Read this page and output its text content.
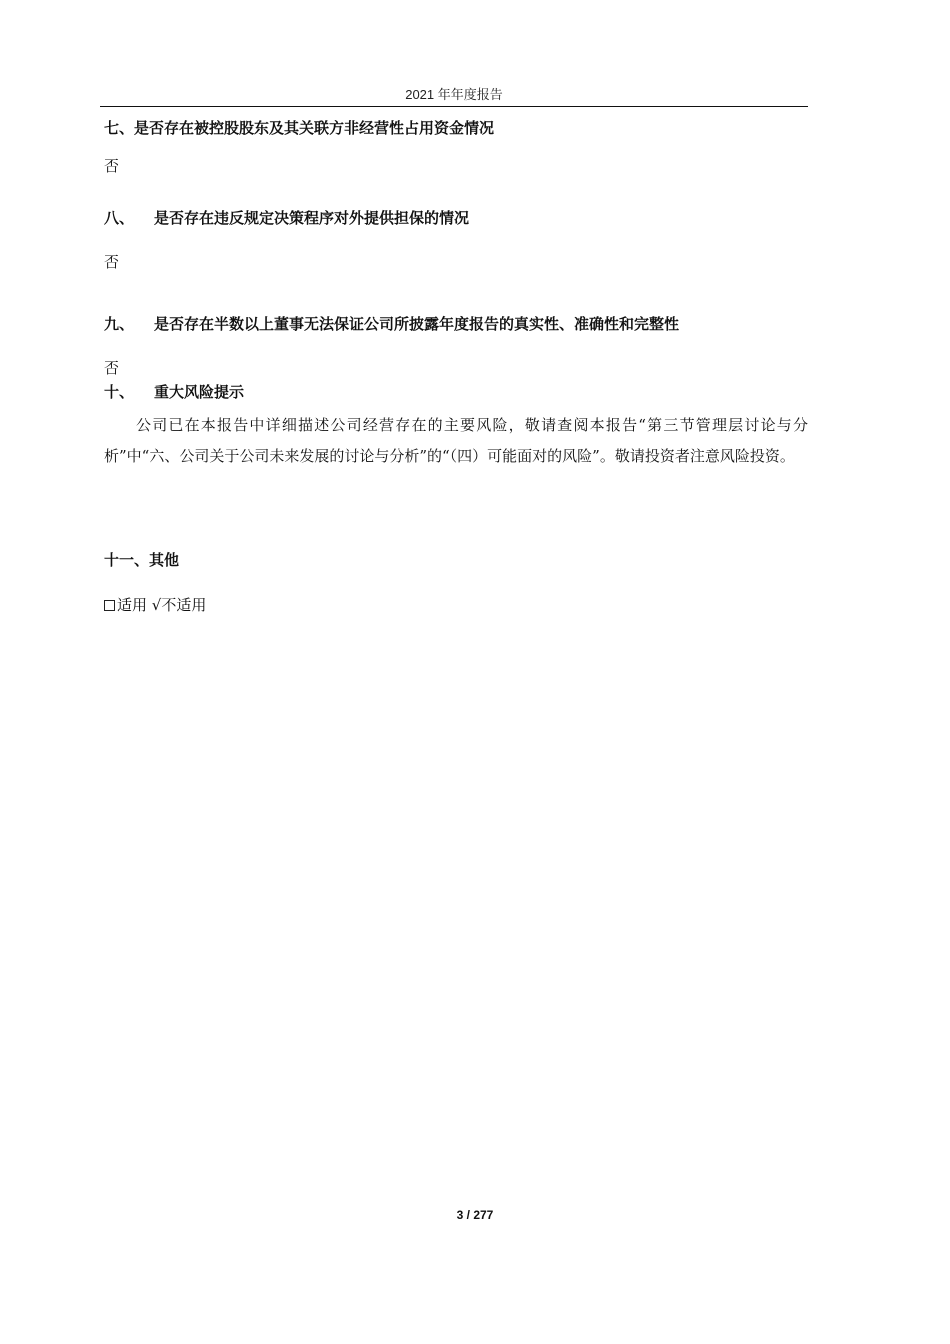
2021 年年度报告
七、是否存在被控股股东及其关联方非经营性占用资金情况
否
八、 是否存在违反规定决策程序对外提供担保的情况
否
九、 是否存在半数以上董事无法保证公司所披露年度报告的真实性、准确性和完整性
否
十、 重大风险提示
公司已在本报告中详细描述公司经营存在的主要风险，敬请查阅本报告“第三节管理层讨论与分析”中“六、公司关于公司未来发展的讨论与分析”的“（四）可能面对的风险”。敬请投资者注意风险投资。
十一、其他
适用 √不适用
3 / 277
